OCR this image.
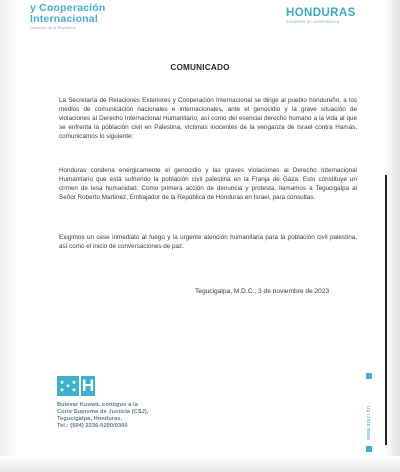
y Cooperación
Internacional
Gobierno de la República
HONDURAS
GOBIERNO DE LA REPÚBLICA
COMUNICADO

La Secretaría de Relaciones Exteriores y Cooperación Internacional se dirige al pueblo hondureño, a los medios de comunicación nacionales e internacionales, ante el genocidio y la grave situación de violaciones al Derecho Internacional Humanitario, así como del esencial derecho humano a la vida al que se enfrenta la población civil en Palestina, víctimas inocentes de la venganza de Israel contra Hamás, comunicamos lo siguiente:

Honduras condena enérgicamente el genocidio y las graves violaciones al Derecho Internacional Humanitario que está sufriendo la población civil palestina en la Franja de Gaza. Esto constituye un crimen de lesa humanidad. Como primera acción de denuncia y protesta, llamamos a Tegucigalpa al Señor Roberto Martínez, Embajador de la República de Honduras en Israel, para consultas.

Exigimos un cese inmediato al fuego y la urgente atención humanitaria para la población civil palestina, así como el inicio de conversaciones de paz.

Tegucigalpa, M.D.C., 3 de noviembre de 2023
H
Bulevar Kuwait, contiguo a la
Corte Suprema de Justicia (CSJ),
Tegucigalpa, Honduras.
Tel.: (504) 2236-0200/0300	www.sreci.hn
